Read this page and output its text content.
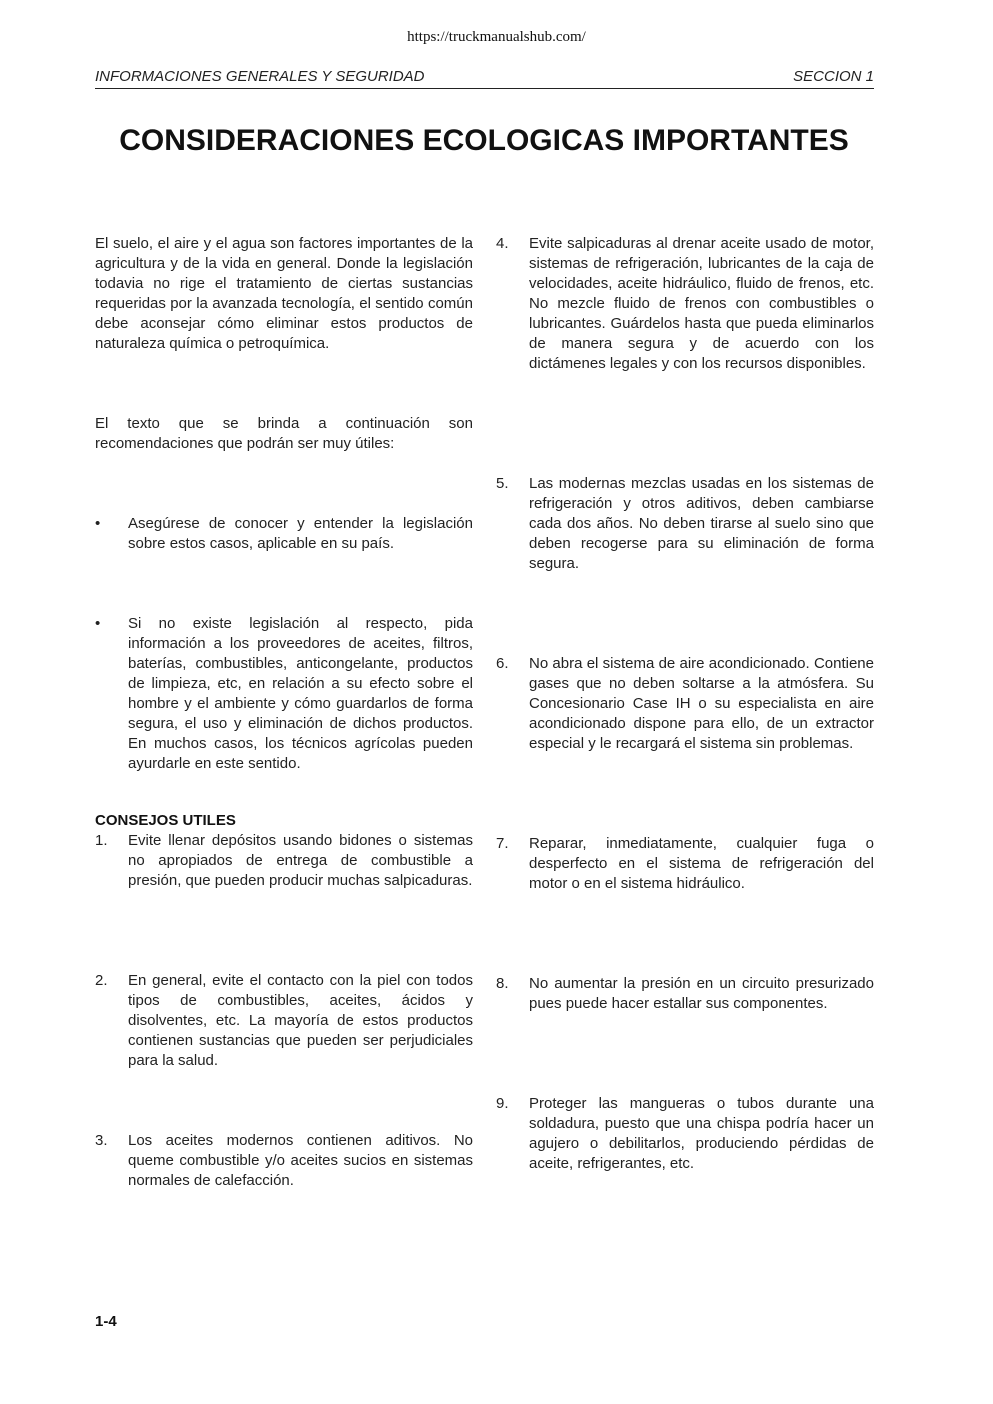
https://truckmanualshub.com/
INFORMACIONES GENERALES Y SEGURIDAD	SECCION 1
CONSIDERACIONES ECOLOGICAS IMPORTANTES

El suelo, el aire y el agua son factores importantes de la agricultura y de la vida en general. Donde la legislación todavia no rige el tratamiento de ciertas sustancias requeridas por la avanzada tecnología, el sentido común debe aconsejar cómo eliminar estos productos de naturaleza química o petroquímica.

El texto que se brinda a continuación son recomendaciones que podrán ser muy útiles:

•	Asegúrese de conocer y entender la legislación sobre estos casos, aplicable en su país.
•	Si no existe legislación al respecto, pida información a los proveedores de aceites, filtros, baterías, combustibles, anticongelante, productos de limpieza, etc, en relación a su efecto sobre el hombre y el ambiente y cómo guardarlos de forma segura, el uso y eliminación de dichos productos. En muchos casos, los técnicos agrícolas pueden ayurdarle en este sentido.
CONSEJOS UTILES
1.	Evite llenar depósitos usando bidones o sistemas no apropiados de entrega de combustible a presión, que pueden producir muchas salpicaduras.
2.	En general, evite el contacto con la piel con todos tipos de combustibles, aceites, ácidos y disolventes, etc. La mayoría de estos productos contienen sustancias que pueden ser perjudiciales para la salud.
3.	Los aceites modernos contienen aditivos. No queme combustible y/o aceites sucios en sistemas normales de calefacción.
4.	Evite salpicaduras al drenar aceite usado de motor, sistemas de refrigeración, lubricantes de la caja de velocidades, aceite hidráulico, fluido de frenos, etc. No mezcle fluido de frenos con combustibles o lubricantes. Guárdelos hasta que pueda eliminarlos de manera segura y de acuerdo con los dictámenes legales y con los recursos disponibles.
5.	Las modernas mezclas usadas en los sistemas de refrigeración y otros aditivos, deben cambiarse cada dos años. No deben tirarse al suelo sino que deben recogerse para su eliminación de forma segura.
6.	No abra el sistema de aire acondicionado. Contiene gases que no deben soltarse a la atmósfera. Su Concesionario Case IH o su especialista en aire acondicionado dispone para ello, de un extractor especial y le recargará el sistema sin problemas.
7.	Reparar, inmediatamente, cualquier fuga o desperfecto en el sistema de refrigeración del motor o en el sistema hidráulico.
8.	No aumentar la presión en un circuito presurizado pues puede hacer estallar sus componentes.
9.	Proteger las mangueras o tubos durante una soldadura, puesto que una chispa podría hacer un agujero o debilitarlos, produciendo pérdidas de aceite, refrigerantes, etc.
1-4
